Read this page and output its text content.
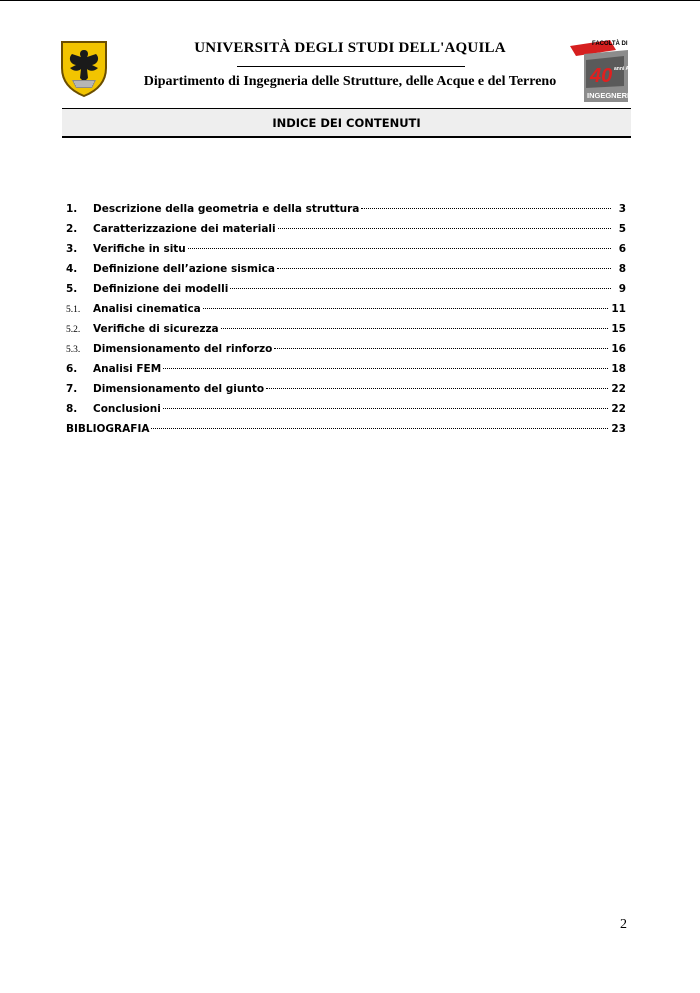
UNIVERSITÀ DEGLI STUDI DELL'AQUILA
Dipartimento di Ingegneria delle Strutture, delle Acque e del Terreno
FACOLTÀ DI
40 anni Aula
INGEGNERIA
INDICE DEI CONTENUTI
1.	Descrizione della geometria e della struttura	3
2.	Caratterizzazione dei materiali	5
3.	Verifiche in situ	6
4.	Definizione dell’azione sismica	8
5.	Definizione dei modelli	9
5.1.	Analisi cinematica	11
5.2.	Verifiche di sicurezza	15
5.3.	Dimensionamento del rinforzo	16
6.	Analisi FEM	18
7.	Dimensionamento del giunto	22
8.	Conclusioni	22
BIBLIOGRAFIA	23
2
